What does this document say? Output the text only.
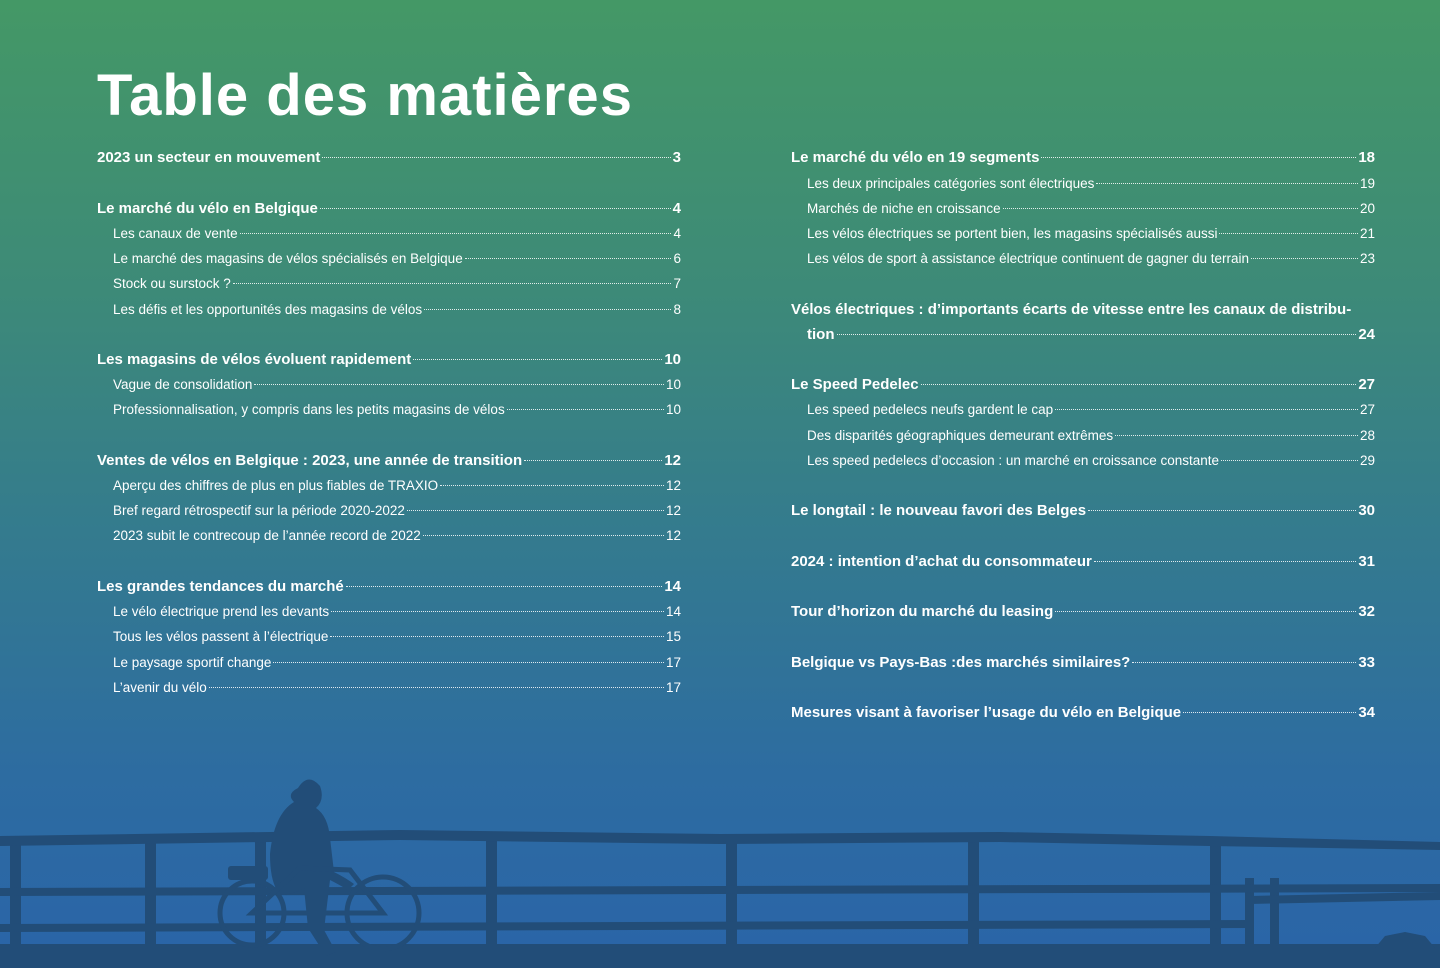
Table des matières
2023 un secteur en mouvement	3
Le marché du vélo en Belgique	4
Les canaux de vente	4
Le marché des magasins de vélos spécialisés en Belgique	6
Stock ou surstock ?	7
Les défis et les opportunités des magasins de vélos	8
Les magasins de vélos évoluent rapidement	10
Vague de consolidation	10
Professionnalisation, y compris dans les petits magasins de vélos	10
Ventes de vélos en Belgique : 2023, une année de transition	12
Aperçu des chiffres de plus en plus fiables de TRAXIO	12
Bref regard rétrospectif sur la période 2020-2022	12
2023 subit le contrecoup de l’année record de 2022	12
Les grandes tendances du marché	14
Le vélo électrique prend les devants	14
Tous les vélos passent à l’électrique	15
Le paysage sportif change	17
L’avenir du vélo	17
Le marché du vélo en 19 segments	18
Les deux principales catégories sont électriques	19
Marchés de niche en croissance	20
Les vélos électriques se portent bien, les magasins spécialisés aussi	21
Les vélos de sport à assistance électrique continuent de gagner du terrain	23
Vélos électriques : d’importants écarts de vitesse entre les canaux de distribu-
tion	24
Le Speed Pedelec	27
Les speed pedelecs neufs gardent le cap	27
Des disparités géographiques demeurant extrêmes	28
Les speed pedelecs d’occasion : un marché en croissance constante	29
Le longtail : le nouveau favori des Belges	30
2024 : intention d’achat du consommateur	31
Tour d’horizon du marché du leasing	32
Belgique vs Pays-Bas :des marchés similaires?	33
Mesures visant à favoriser l’usage du vélo en Belgique	34
